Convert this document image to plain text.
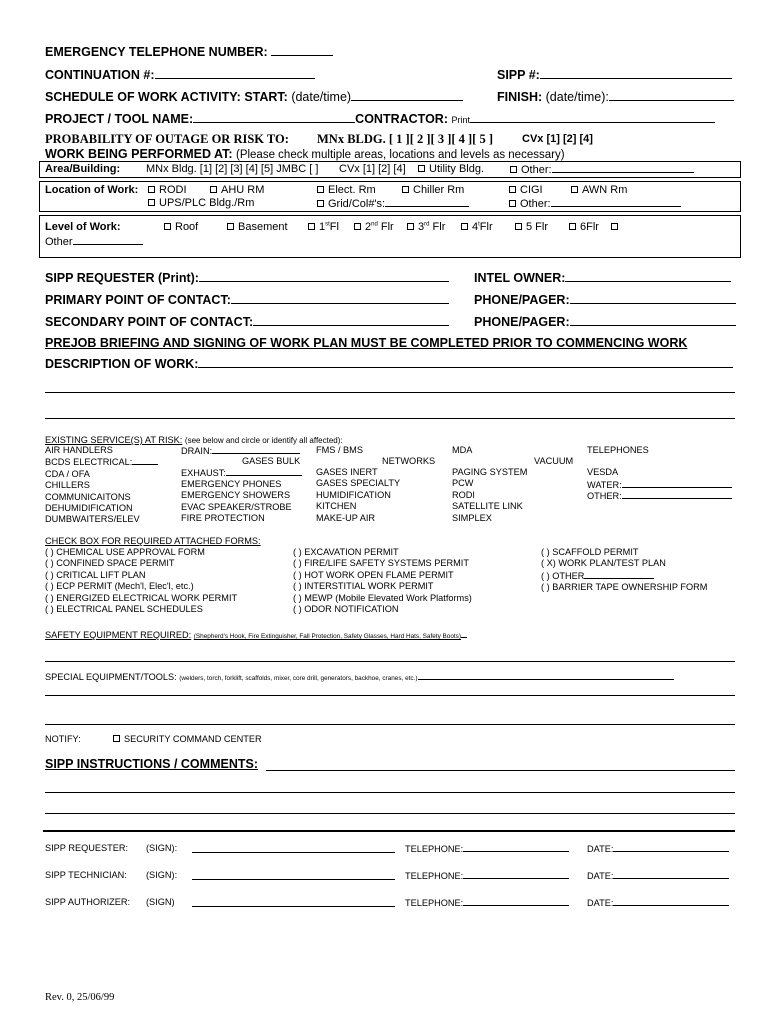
EMERGENCY TELEPHONE NUMBER:
CONTINUATION #:	SIPP #:
SCHEDULE OF WORK ACTIVITY: START: (date/time)	FINISH: (date/time):
PROJECT / TOOL NAME:	CONTRACTOR: Print
PROBABILITY OF OUTAGE OR RISK TO: MNx BLDG. [ 1 ][ 2 ][ 3 ][ 4 ][ 5 ]	CVx [1] [2] [4]
WORK BEING PERFORMED AT: (Please check multiple areas, locations and levels as necessary)
Area/Building: MNx Bldg. [1] [2] [3] [4] [5] JMBC [ ] CVx [1] [2] [4]	Utility Bldg.	Other:
Location of Work:	RODI	AHU RM	Elect. Rm	Chiller Rm	CIGI	AWN Rm
UPS/PLC Bldg./Rm	Grid/Col#'s:	Other:
Level of Work:	Roof	Basement	1stFl	2nd Flr	3rd Flr	4$^t$Flr	5 Flr	6Flr
Other
SIPP REQUESTER (Print):	INTEL OWNER:
PRIMARY POINT OF CONTACT:	PHONE/PAGER:
SECONDARY POINT OF CONTACT:	PHONE/PAGER:
PREJOB BRIEFING AND SIGNING OF WORK PLAN MUST BE COMPLETED PRIOR TO COMMENCING WORK
DESCRIPTION OF WORK:
EXISTING SERVICE(S) AT RISK: (see below and circle or identify all affected):
AIR HANDLERS
BCDS ELECTRICAL:
CDA / OFA
CHILLERS
COMMUNICAITONS
DEHUMIDIFICATION
DUMBWAITERS/ELEV
DRAIN:
GASES BULK
EXHAUST:
EMERGENCY PHONES
EMERGENCY SHOWERS
EVAC SPEAKER/STROBE
FIRE PROTECTION
FMS / BMS
NETWORKS
GASES INERT
GASES SPECIALTY
HUMIDIFICATION
KITCHEN
MAKE-UP AIR
MDA
VACUUM
PAGING SYSTEM
PCW
RODI
SATELLITE LINK
SIMPLEX
TELEPHONES
VESDA
WATER:
OTHER:
CHECK BOX FOR REQUIRED ATTACHED FORMS:
( ) CHEMICAL USE APPROVAL FORM
( ) CONFINED SPACE PERMIT
( ) CRITICAL LIFT PLAN
( ) ECP PERMIT (Mech'l, Elec'l, etc.)
( ) ENERGIZED ELECTRICAL WORK PERMIT
( ) ELECTRICAL PANEL SCHEDULES
( ) EXCAVATION PERMIT
( ) FIRE/LIFE SAFETY SYSTEMS PERMIT
( ) HOT WORK OPEN FLAME PERMIT
( ) INTERSTITIAL WORK PERMIT
( ) MEWP (Mobile Elevated Work Platforms)
( ) ODOR NOTIFICATION
( ) SCAFFOLD PERMIT
( X) WORK PLAN/TEST PLAN
( ) OTHER
( ) BARRIER TAPE OWNERSHIP FORM
SAFETY EQUIPMENT REQUIRED: (Shepherd's Hook, Fire Extinguisher, Fall Protection, Safety Glasses, Hard Hats, Safety Boots)
SPECIAL EQUIPMENT/TOOLS: (welders, torch, forklift, scaffolds, mixer, core drill, generators, backhoe, cranes, etc.)
NOTIFY:	SECURITY COMMAND CENTER
SIPP INSTRUCTIONS / COMMENTS:
SIPP REQUESTER: (SIGN):	TELEPHONE:	DATE:
SIPP TECHNICIAN: (SIGN):	TELEPHONE:	DATE:
SIPP AUTHORIZER: (SIGN)	TELEPHONE:	DATE:
Rev. 0, 25/06/99
